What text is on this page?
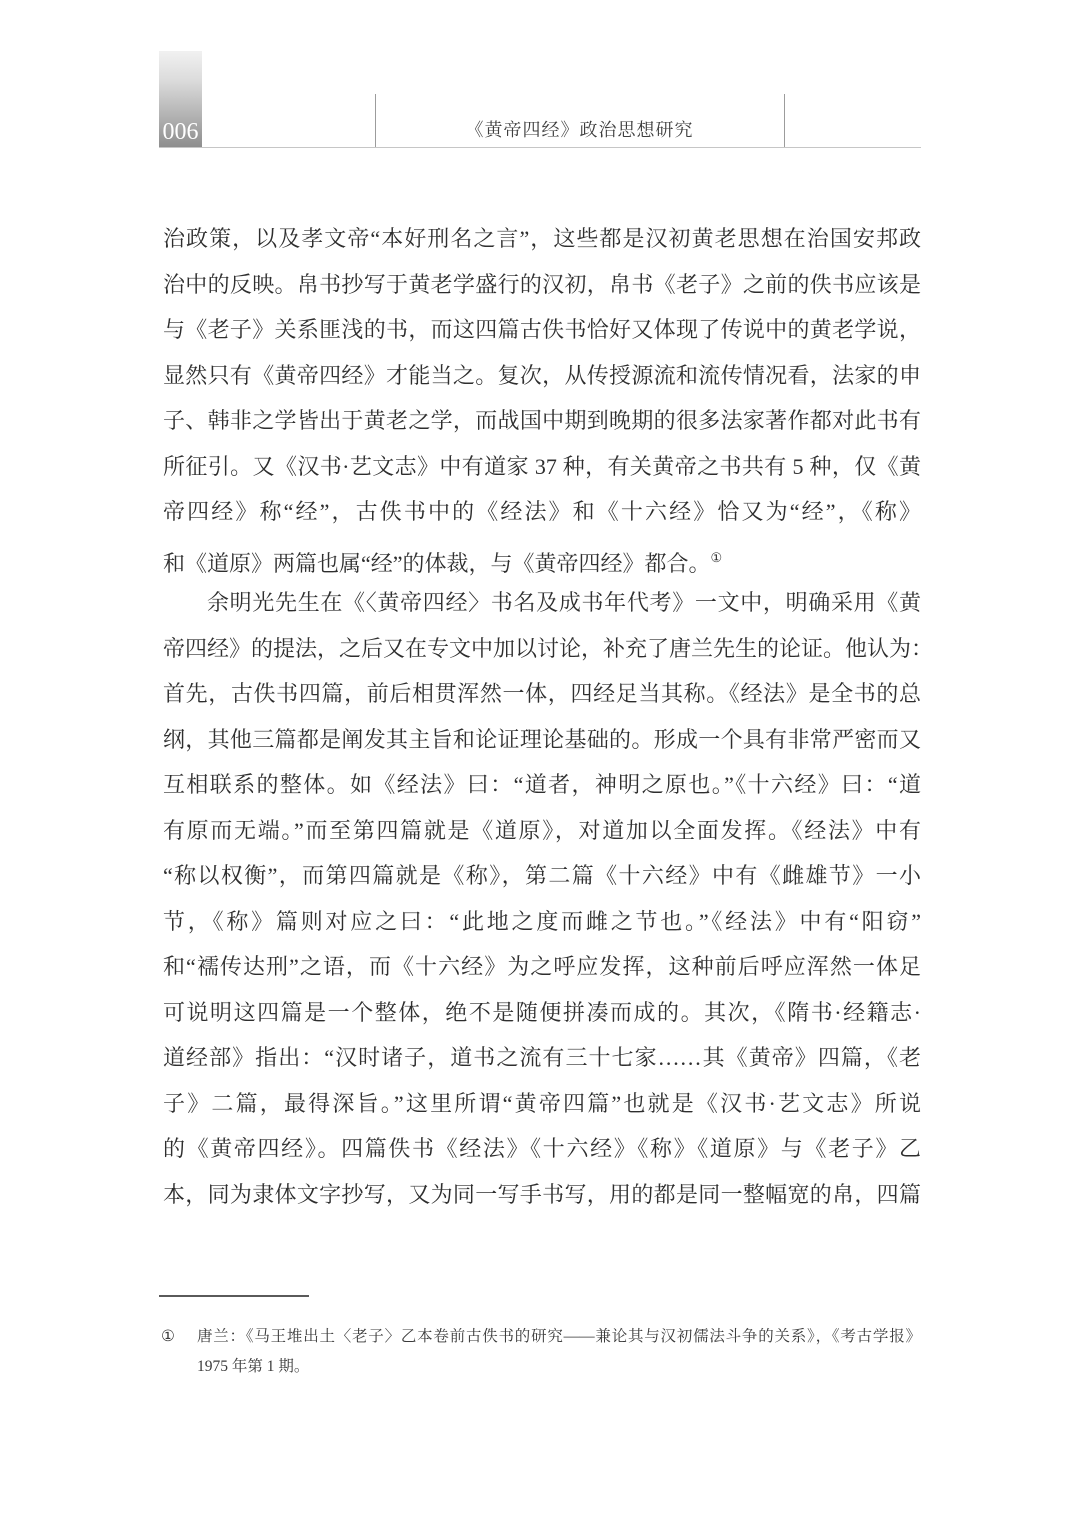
006	《黄帝四经》政治思想研究
治政策，以及孝文帝“本好刑名之言”，这些都是汉初黄老思想在治国安邦政
治中的反映。帛书抄写于黄老学盛行的汉初，帛书《老子》之前的佚书应该是
与《老子》关系匪浅的书，而这四篇古佚书恰好又体现了传说中的黄老学说，
显然只有《黄帝四经》才能当之。复次，从传授源流和流传情况看，法家的申
子、韩非之学皆出于黄老之学，而战国中期到晚期的很多法家著作都对此书有
所征引。又《汉书·艺文志》中有道家 37 种，有关黄帝之书共有 5 种，仅《黄
帝四经》称“经”，古佚书中的《经法》和《十六经》恰又为“经”，《称》
和《道原》两篇也属“经”的体裁，与《黄帝四经》都合。①
余明光先生在《〈黄帝四经〉书名及成书年代考》一文中，明确采用《黄
帝四经》的提法，之后又在专文中加以讨论，补充了唐兰先生的论证。他认为：
首先，古佚书四篇，前后相贯浑然一体，四经足当其称。《经法》是全书的总
纲，其他三篇都是阐发其主旨和论证理论基础的。形成一个具有非常严密而又
互相联系的整体。如《经法》曰：“道者，神明之原也。”《十六经》曰：“道
有原而无端。”而至第四篇就是《道原》，对道加以全面发挥。《经法》中有
“称以权衡”，而第四篇就是《称》，第二篇《十六经》中有《雌雄节》一小
节，《称》篇则对应之曰：“此地之度而雌之节也。”《经法》中有“阳窃”
和“襦传达刑”之语，而《十六经》为之呼应发挥，这种前后呼应浑然一体足
可说明这四篇是一个整体，绝不是随便拼凑而成的。其次，《隋书·经籍志·
道经部》指出：“汉时诸子，道书之流有三十七家……其《黄帝》四篇，《老
子》二篇，最得深旨。”这里所谓“黄帝四篇”也就是《汉书·艺文志》所说
的《黄帝四经》。四篇佚书《经法》《十六经》《称》《道原》与《老子》乙
本，同为隶体文字抄写，又为同一写手书写，用的都是同一整幅宽的帛，四篇
①	唐兰：《马王堆出土〈老子〉乙本卷前古佚书的研究——兼论其与汉初儒法斗争的关系》，《考古学报》
1975 年第 1 期。
